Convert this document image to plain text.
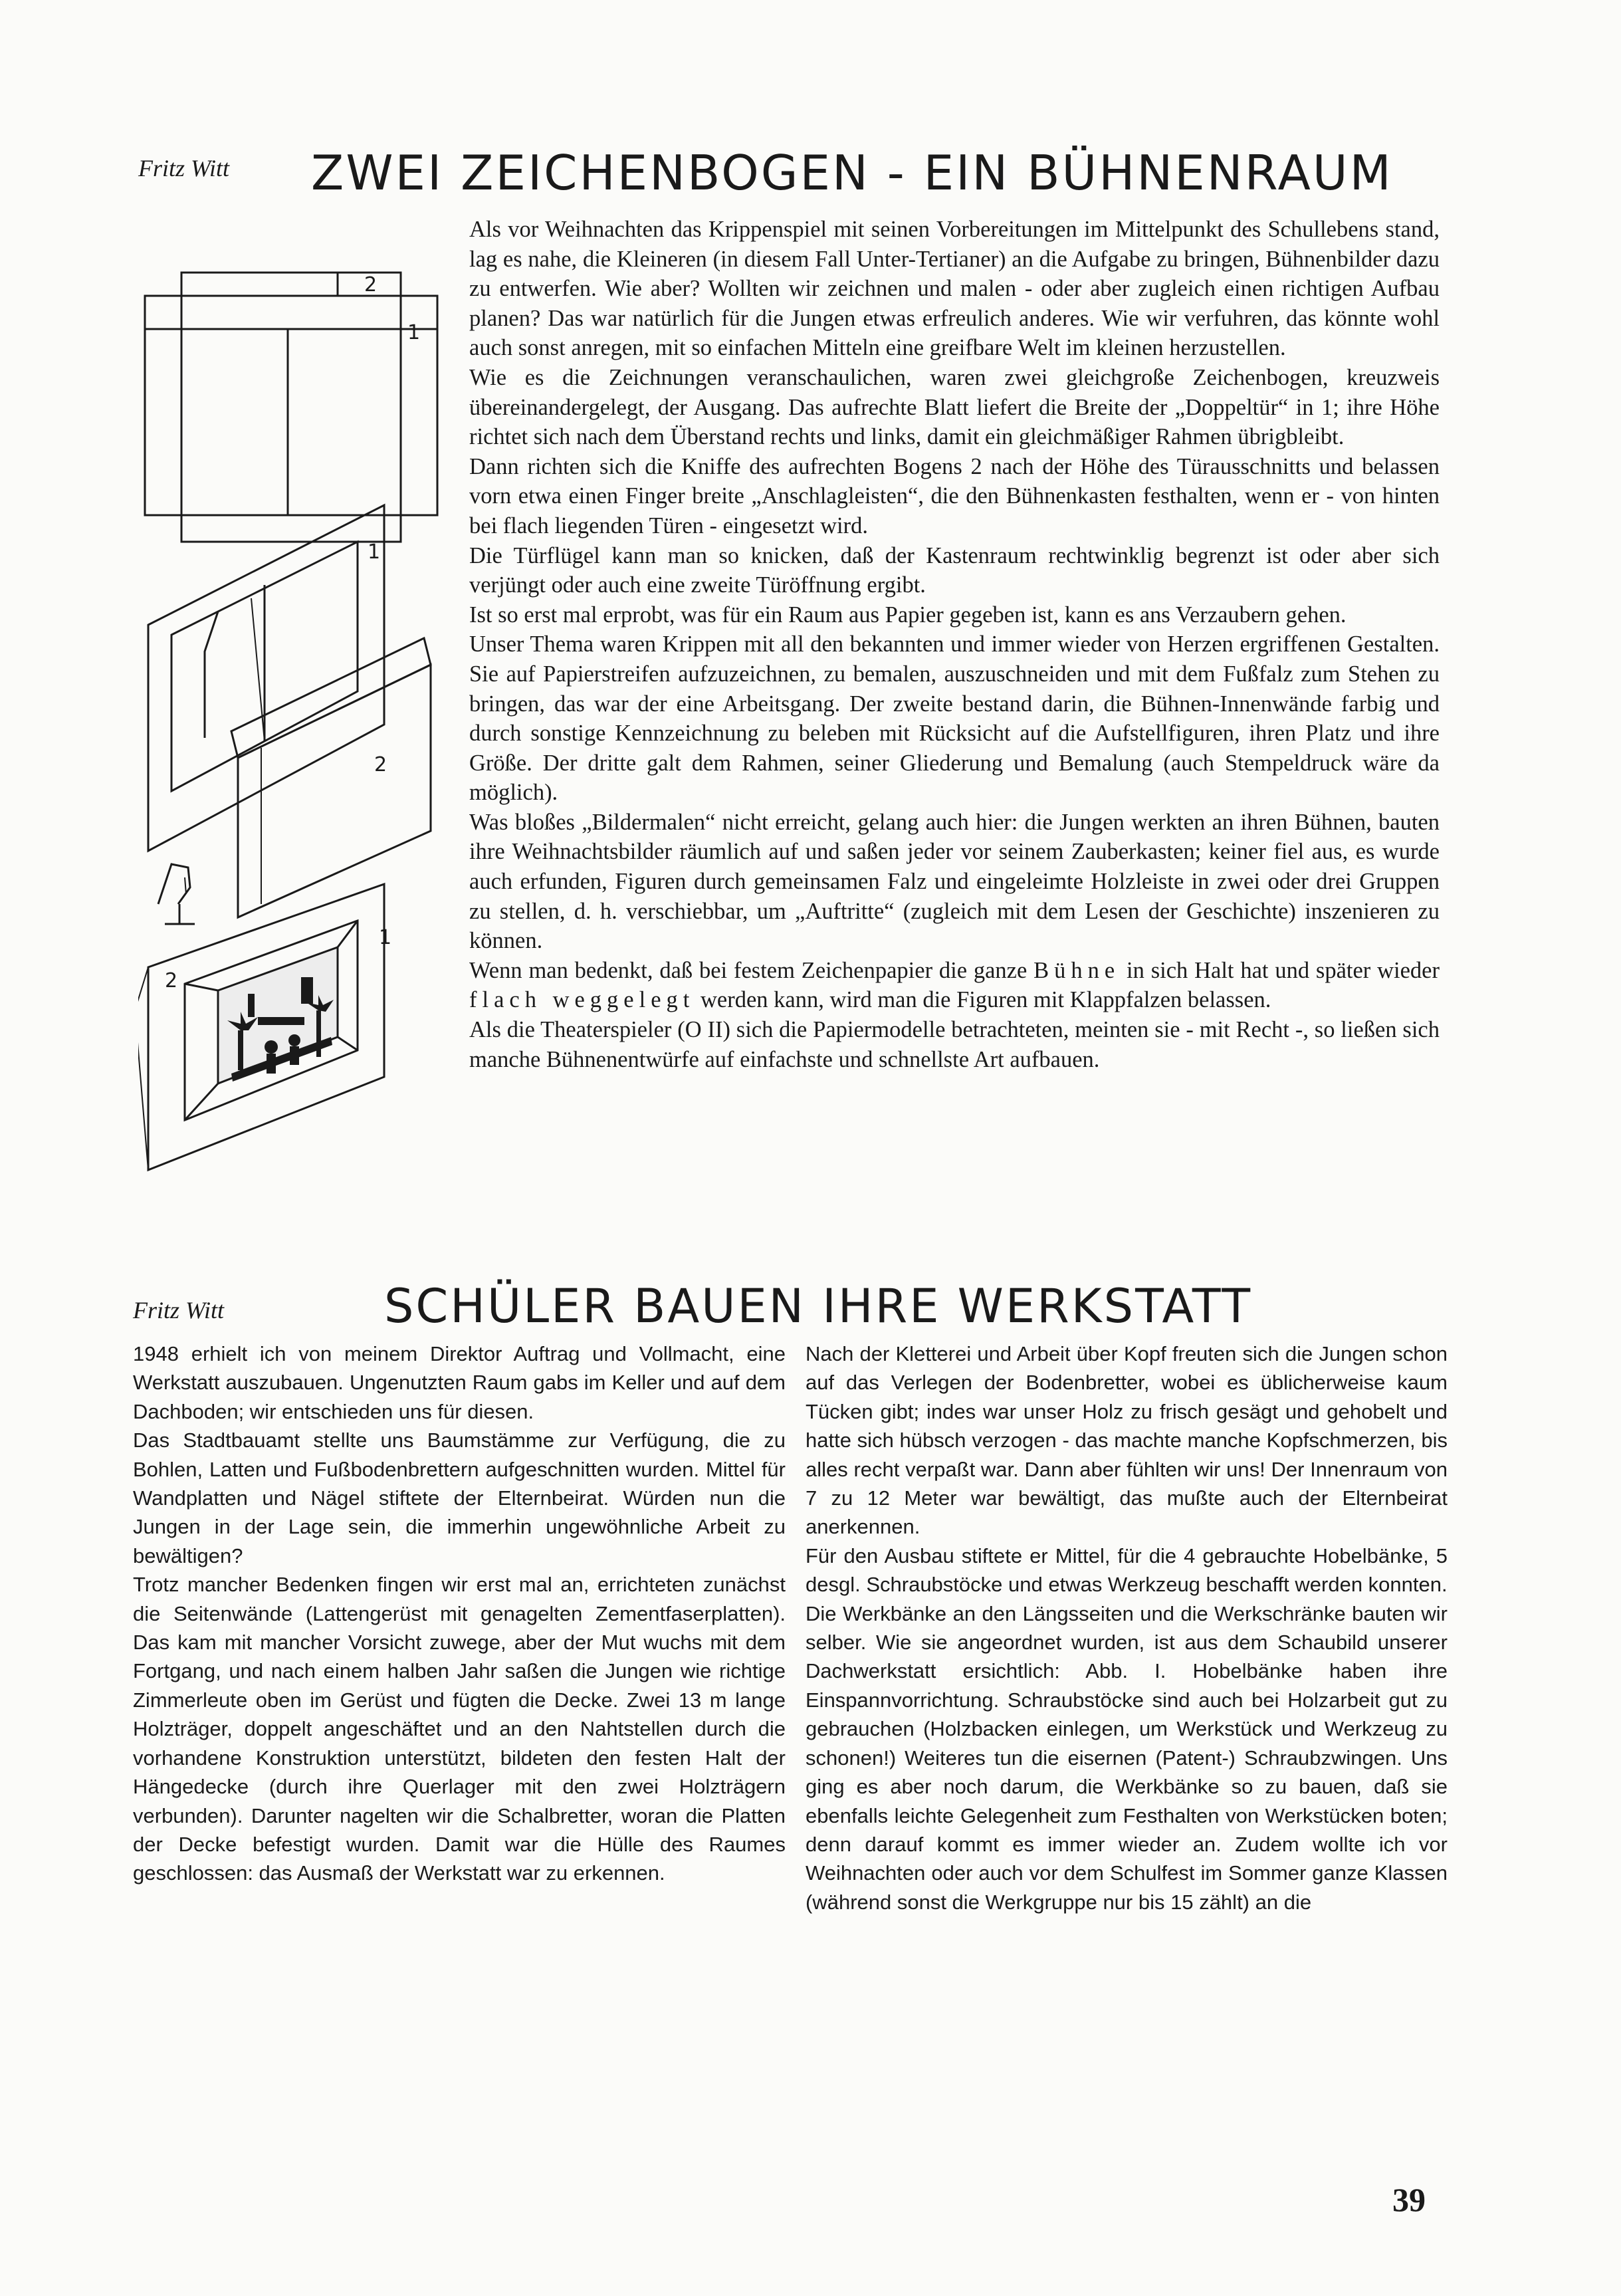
Fritz Witt ZWEI ZEICHENBOGEN - EIN BÜHNENRAUM
2
1
1
2
2
1

Als vor Weihnachten das Krippenspiel mit seinen Vorbereitungen im Mittelpunkt des Schullebens stand, lag es nahe, die Kleineren (in diesem Fall Unter-Tertianer) an die Aufgabe zu bringen, Bühnenbilder dazu zu entwerfen. Wie aber? Wollten wir zeichnen und malen - oder aber zugleich einen richtigen Aufbau planen? Das war natürlich für die Jungen etwas erfreulich anderes. Wie wir verfuhren, das könnte wohl auch sonst anregen, mit so einfachen Mitteln eine greifbare Welt im kleinen herzustellen.

Wie es die Zeichnungen veranschaulichen, waren zwei gleichgroße Zeichenbogen, kreuzweis übereinandergelegt, der Ausgang. Das aufrechte Blatt liefert die Breite der „Doppeltür“ in 1; ihre Höhe richtet sich nach dem Überstand rechts und links, damit ein gleichmäßiger Rahmen übrigbleibt.

Dann richten sich die Kniffe des aufrechten Bogens 2 nach der Höhe des Türausschnitts und belassen vorn etwa einen Finger breite „Anschlagleisten“, die den Bühnenkasten festhalten, wenn er - von hinten bei flach liegenden Türen - eingesetzt wird.

Die Türflügel kann man so knicken, daß der Kastenraum rechtwinklig begrenzt ist oder aber sich verjüngt oder auch eine zweite Türöffnung ergibt.

Ist so erst mal erprobt, was für ein Raum aus Papier gegeben ist, kann es ans Verzaubern gehen.

Unser Thema waren Krippen mit all den bekannten und immer wieder von Herzen ergriffenen Gestalten. Sie auf Papierstreifen aufzuzeichnen, zu bemalen, auszuschneiden und mit dem Fußfalz zum Stehen zu bringen, das war der eine Arbeitsgang. Der zweite bestand darin, die Bühnen-Innenwände farbig und durch sonstige Kennzeichnung zu beleben mit Rücksicht auf die Aufstellfiguren, ihren Platz und ihre Größe. Der dritte galt dem Rahmen, seiner Gliederung und Bemalung (auch Stempeldruck wäre da möglich).

Was bloßes „Bildermalen“ nicht erreicht, gelang auch hier: die Jungen werkten an ihren Bühnen, bauten ihre Weihnachtsbilder räumlich auf und saßen jeder vor seinem Zauberkasten; keiner fiel aus, es wurde auch erfunden, Figuren durch gemeinsamen Falz und eingeleimte Holzleiste in zwei oder drei Gruppen zu stellen, d. h. verschiebbar, um „Auftritte“ (zugleich mit dem Lesen der Geschichte) inszenieren zu können.

Wenn man bedenkt, daß bei festem Zeichenpapier die ganze Bühne in sich Halt hat und später wieder flach weggelegt werden kann, wird man die Figuren mit Klappfalzen belassen.

Als die Theaterspieler (O II) sich die Papiermodelle betrachteten, meinten sie - mit Recht -, so ließen sich manche Bühnenentwürfe auf einfachste und schnellste Art aufbauen.

Fritz Witt	SCHÜLER BAUEN IHRE WERKSTATT

1948 erhielt ich von meinem Direktor Auftrag und Vollmacht, eine Werkstatt auszubauen. Ungenutzten Raum gabs im Keller und auf dem Dachboden; wir entschieden uns für diesen.

Das Stadtbauamt stellte uns Baumstämme zur Verfügung, die zu Bohlen, Latten und Fußbodenbrettern aufgeschnitten wurden. Mittel für Wandplatten und Nägel stiftete der Elternbeirat. Würden nun die Jungen in der Lage sein, die immerhin ungewöhnliche Arbeit zu bewältigen?

Trotz mancher Bedenken fingen wir erst mal an, errichteten zunächst die Seitenwände (Lattengerüst mit genagelten Zementfaserplatten). Das kam mit mancher Vorsicht zuwege, aber der Mut wuchs mit dem Fortgang, und nach einem halben Jahr saßen die Jungen wie richtige Zimmerleute oben im Gerüst und fügten die Decke. Zwei 13 m lange Holzträger, doppelt angeschäftet und an den Nahtstellen durch die vorhandene Konstruktion unterstützt, bildeten den festen Halt der Hängedecke (durch ihre Querlager mit den zwei Holzträgern verbunden). Darunter nagelten wir die Schalbretter, woran die Platten der Decke befestigt wurden. Damit war die Hülle des Raumes geschlossen: das Ausmaß der Werkstatt war zu erkennen.

Nach der Kletterei und Arbeit über Kopf freuten sich die Jungen schon auf das Verlegen der Bodenbretter, wobei es üblicherweise kaum Tücken gibt; indes war unser Holz zu frisch gesägt und gehobelt und hatte sich hübsch verzogen - das machte manche Kopfschmerzen, bis alles recht verpaßt war. Dann aber fühlten wir uns! Der Innenraum von 7 zu 12 Meter war bewältigt, das mußte auch der Elternbeirat anerkennen.

Für den Ausbau stiftete er Mittel, für die 4 gebrauchte Hobelbänke, 5 desgl. Schraubstöcke und etwas Werkzeug beschafft werden konnten.

Die Werkbänke an den Längsseiten und die Werkschränke bauten wir selber. Wie sie angeordnet wurden, ist aus dem Schaubild unserer Dachwerkstatt ersichtlich: Abb. I. Hobelbänke haben ihre Einspannvorrichtung. Schraubstöcke sind auch bei Holzarbeit gut zu gebrauchen (Holzbacken einlegen, um Werkstück und Werkzeug zu schonen!) Weiteres tun die eisernen (Patent-) Schraubzwingen. Uns ging es aber noch darum, die Werkbänke so zu bauen, daß sie ebenfalls leichte Gelegenheit zum Festhalten von Werkstücken boten; denn darauf kommt es immer wieder an. Zudem wollte ich vor Weihnachten oder auch vor dem Schulfest im Sommer ganze Klassen (während sonst die Werkgruppe nur bis 15 zählt) an die

39
